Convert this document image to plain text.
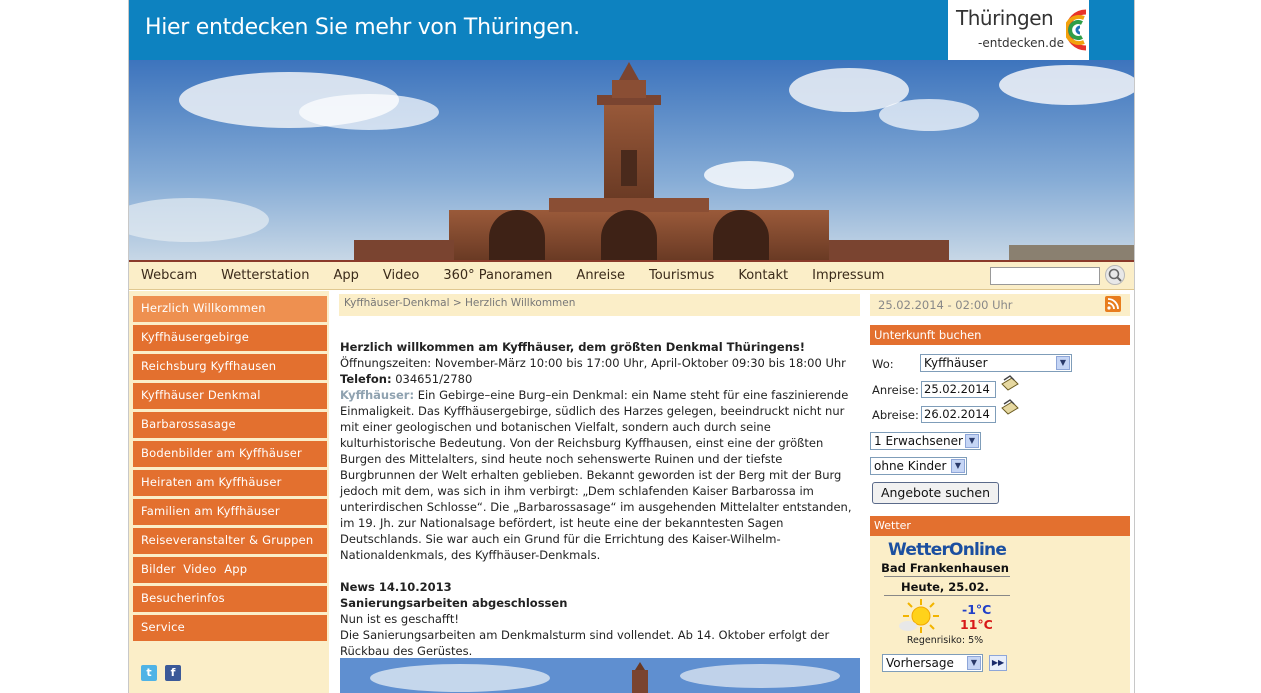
Hier entdecken Sie mehr von Thüringen.	Thüringen
-entdecken.de
Webcam	Wetterstation	App	Video	360° Panoramen	Anreise	Tourismus	Kontakt	Impressum
Herzlich Willkommen
Kyffhäusergebirge
Reichsburg Kyffhausen
Kyffhäuser Denkmal
Barbarossasage
Bodenbilder am Kyffhäuser
Heiraten am Kyffhäuser
Familien am Kyffhäuser
Reiseveranstalter & Gruppen
Bilder  Video  App
Besucherinfos
Service
t	f
Kyffhäuser-Denkmal > Herzlich Willkommen

Herzlich willkommen am Kyffhäuser, dem größten Denkmal Thüringens!

Öffnungszeiten: November-März 10:00 bis 17:00 Uhr, April-Oktober 09:30 bis 18:00 Uhr

Telefon: 034651/2780

Kyffhäuser: Ein Gebirge–eine Burg–ein Denkmal: ein Name steht für eine faszinierende Einmaligkeit. Das Kyffhäusergebirge, südlich des Harzes gelegen, beeindruckt nicht nur mit einer geologischen und botanischen Vielfalt, sondern auch durch seine kulturhistorische Bedeutung. Von der Reichsburg Kyffhausen, einst eine der größten Burgen des Mittelalters, sind heute noch sehenswerte Ruinen und der tiefste Burgbrunnen der Welt erhalten geblieben. Bekannt geworden ist der Berg mit der Burg jedoch mit dem, was sich in ihm verbirgt: „Dem schlafenden Kaiser Barbarossa im unterirdischen Schlosse“. Die „Barbarossasage“ im ausgehenden Mittelalter entstanden, im 19. Jh. zur Nationalsage befördert, ist heute eine der bekanntesten Sagen Deutschlands. Sie war auch ein Grund für die Errichtung des Kaiser-Wilhelm-Nationaldenkmals, des Kyffhäuser-Denkmals.

News 14.10.2013

Sanierungsarbeiten abgeschlossen

Nun ist es geschafft!

Die Sanierungsarbeiten am Denkmalsturm sind vollendet. Ab 14. Oktober erfolgt der Rückbau des Gerüstes.

25.02.2014 - 02:00 Uhr
Unterkunft buchen
Wo:	Kyffhäuser	▼
Anreise: 25.02.2014
Abreise: 26.02.2014
1 Erwachsener ▼
ohne Kinder	▼
Angebote suchen
Wetter
WetterOnline
Bad Frankenhausen
Heute, 25.02.
-1°C
11°C
Regenrisiko: 5%
Vorhersage	▼	▶▶
